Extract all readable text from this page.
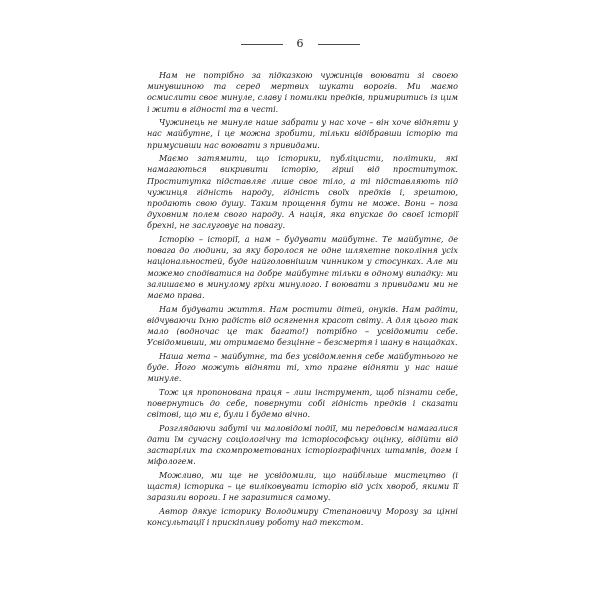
6

Нам не потрібно за підказкою чужинців воювати зі своєю минувшиною та серед мертвих шукати ворогів. Ми маємо осмислити своє минуле, славу і помилки предків, примиритись із цим і жити в гідності та в честі.

Чужинець не минуле наше забрати у нас хоче – він хоче відняти у нас майбутнє, і це можна зробити, тільки відібравши історію та примусивши нас воювати з привидами.

Маємо затямити, що історики, публіцисти, політики, які намагаються викривити історію, гірші від проституток. Проститутка підставляє лише своє тіло, а ті підставляють під чужинця гідність народу, гідність своїх предків і, зрештою, продають свою душу. Таким прощення бути не може. Вони – поза духовним полем свого народу. А нація, яка впускає до своєї історії брехні, не заслуговує на повагу.

Історію – історії, а нам – будувати майбутнє. Те майбутнє, де повага до людини, за яку боролося не одне шляхетне покоління усіх національностей, буде найголовнішим чинником у стосунках. Але ми можемо сподіватися на добре майбутнє тільки в одному випадку: ми залишаємо в минулому гріхи минулого. І воювати з привидами ми не маємо права.

Нам будувати життя. Нам ростити дітей, онуків. Нам радіти, відчуваючи їхню радість від осягнення красот світу. А для цього так мало (водночас це так багато!) потрібно – усвідомити себе. Усвідомивши, ми отримаємо безцінне – безсмертя і шану в нащадках.

Наша мета – майбутнє, та без усвідомлення себе майбутнього не буде. Його можуть відняти ті, хто прагне відняти у нас наше минуле.

Тож ця пропонована праця – лиш інструмент, щоб пізнати себе, повернутись до себе, повернути собі гідність предків і сказати світові, що ми є, були і будемо вічно.

Розглядаючи забуті чи маловідомі події, ми передовсім намагалися дати їм сучасну соціологічну та історіософську оцінку, відійти від застарілих та скомпрометованих історіографічних штампів, догм і міфологем.

Можливо, ми ще не усвідомили, що найбільше мистецтво (і щастя) історика – це виліковувати історію від усіх хвороб, якими її заразили вороги. І не заразитися самому.

Автор дякує історику Володимиру Степановичу Морозу за цінні консультації і прискіпливу роботу над текстом.
